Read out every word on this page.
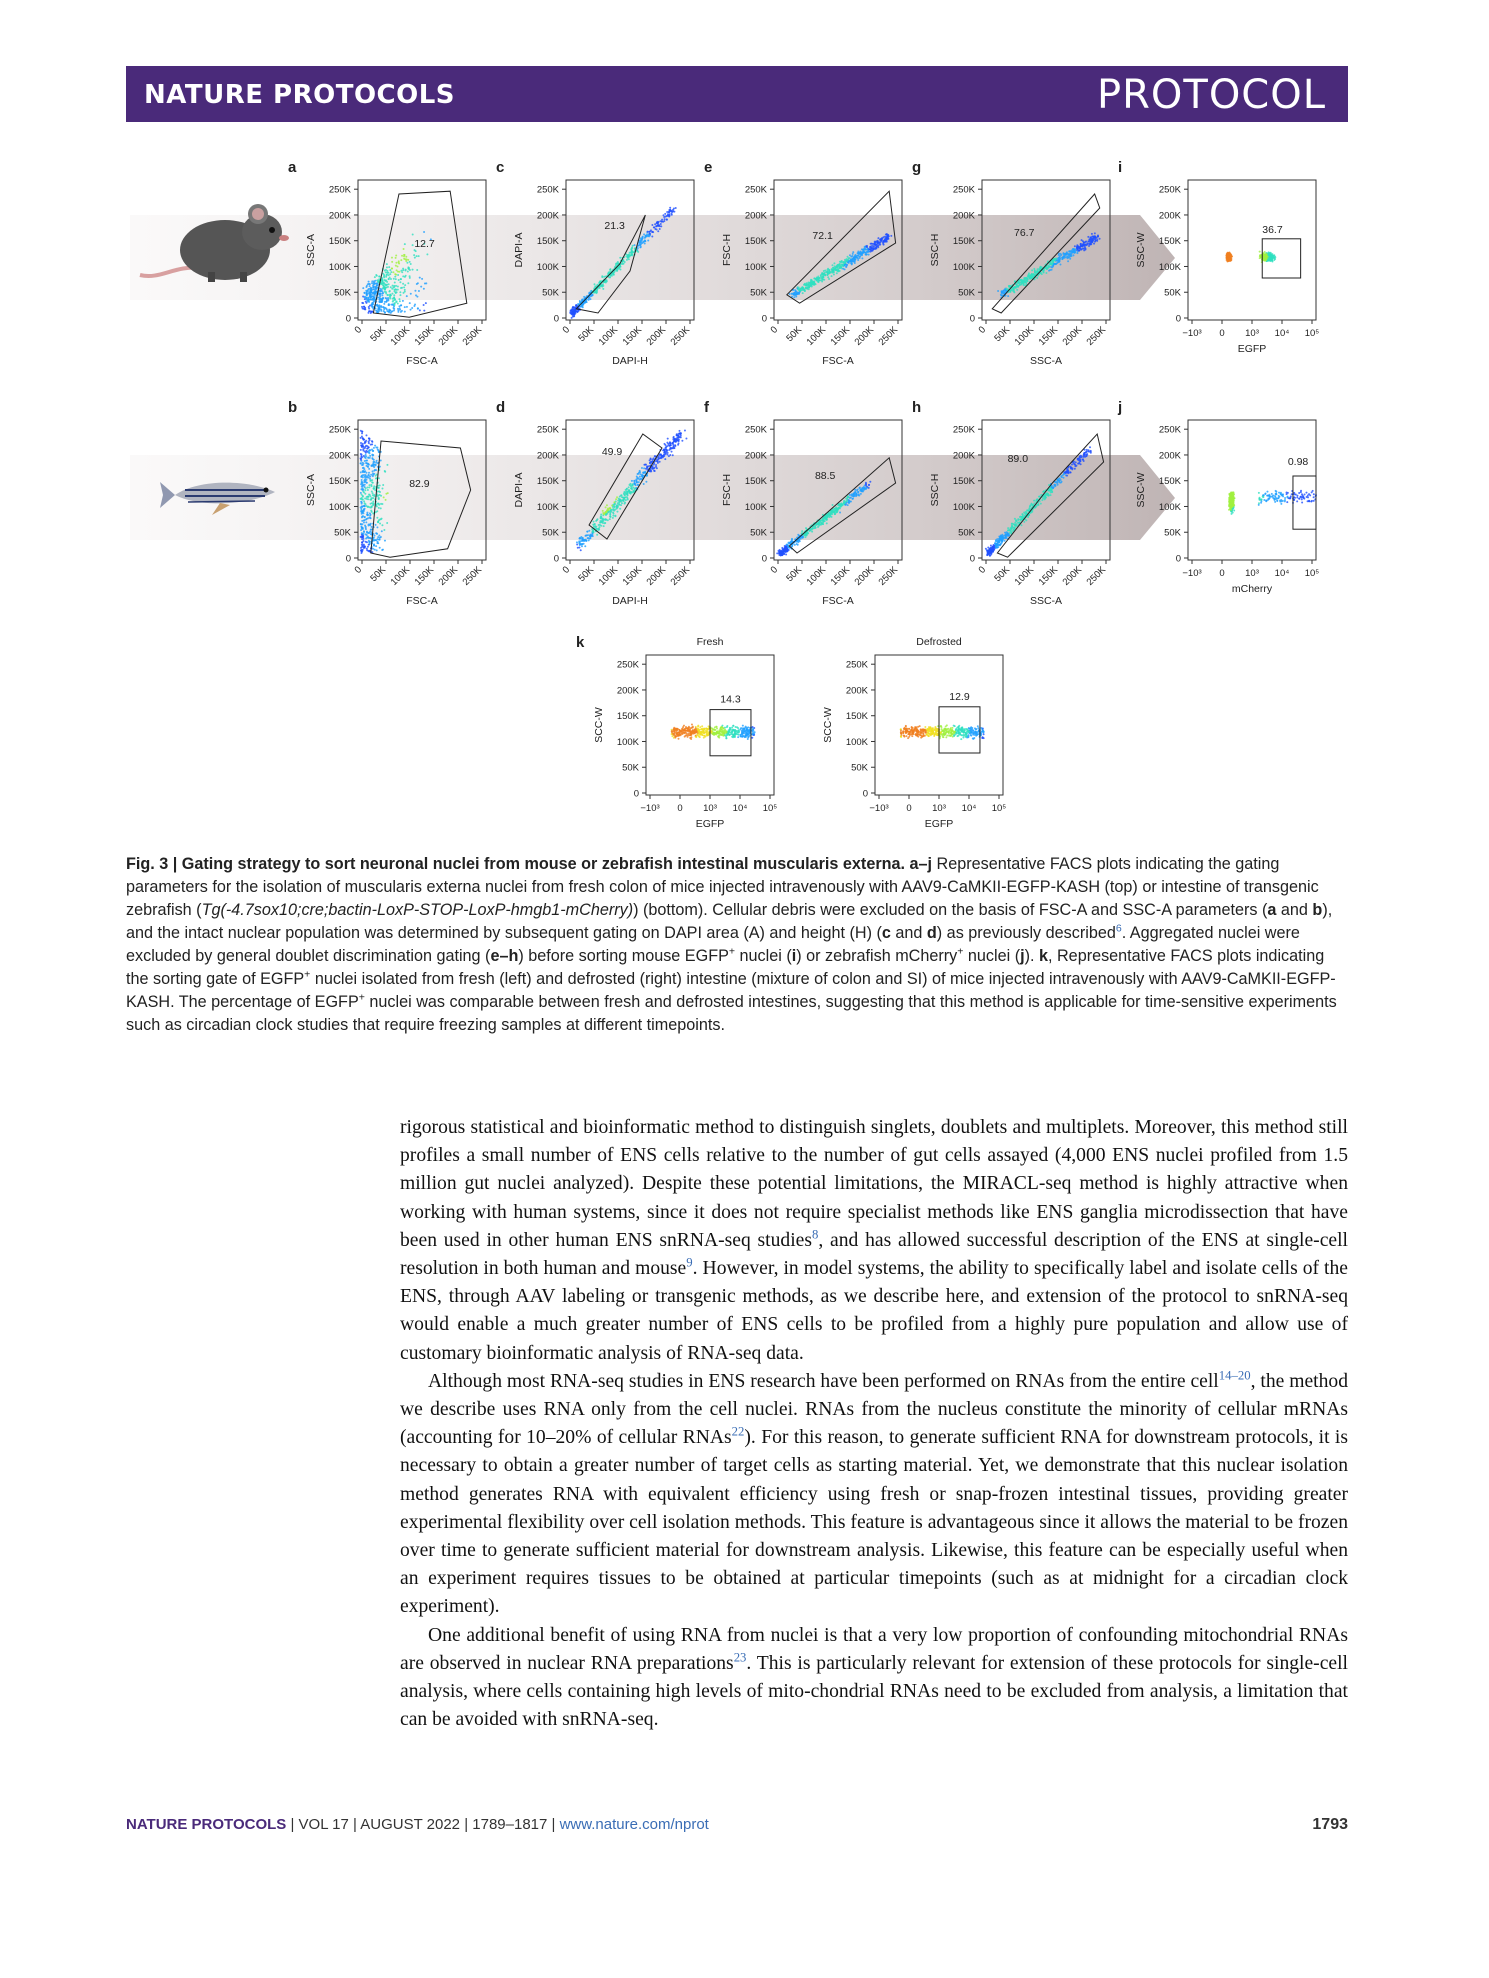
NATURE PROTOCOLS	PROTOCOL
a
12.7
0
50K
100K
150K
200K
250K
0 50K 100K 150K 200K 250K
FSC-A
SSC-A
c
21.3
0
50K
100K
150K
200K
250K
0 50K 100K 150K 200K 250K
DAPI-H
DAPI-A
e
72.1
0
50K
100K
150K
200K
250K
0 50K 100K 150K 200K 250K
FSC-A
FSC-H
g
76.7
0
50K
100K
150K
200K
250K
0 50K 100K 150K 200K 250K
SSC-A
SSC-H
i
36.7
0
50K
100K
150K
200K
250K
−10³ 0 10³ 10⁴ 10⁵
EGFP
SSC-W
b
82.9
0
50K
100K
150K
200K
250K
0 50K 100K 150K 200K 250K
FSC-A
SSC-A
d
49.9
0
50K
100K
150K
200K
250K
0 50K 100K 150K 200K 250K
DAPI-H
DAPI-A
f
88.5
0
50K
100K
150K
200K
250K
0 50K 100K 150K 200K 250K
FSC-A
FSC-H
h
89.0
0
50K
100K
150K
200K
250K
0 50K 100K 150K 200K 250K
SSC-A
SSC-H
j
0.98
0
50K
100K
150K
200K
250K
−10³ 0 10³ 10⁴ 10⁵
mCherry
SSC-W
k	Fresh
14.3
0
50K
100K
150K
200K
250K
−10³ 0 10³ 10⁴ 10⁵
EGFP
SCC-W
Defrosted
12.9
0
50K
100K
150K
200K
250K
−10³ 0 10³ 10⁴ 10⁵
EGFP
SCC-W
Fig. 3 | Gating strategy to sort neuronal nuclei from mouse or zebrafish intestinal muscularis externa. a–j Representative FACS plots indicating the gating parameters for the isolation of muscularis externa nuclei from fresh colon of mice injected intravenously with AAV9-CaMKII-EGFP-KASH (top) or intestine of transgenic zebrafish (Tg(-4.7sox10;cre;bactin-LoxP-STOP-LoxP-hmgb1-mCherry)) (bottom). Cellular debris were excluded on the basis of FSC-A and SSC-A parameters (a and b), and the intact nuclear population was determined by subsequent gating on DAPI area (A) and height (H) (c and d) as previously described$^6$. Aggregated nuclei were excluded by general doublet discrimination gating (e–h) before sorting mouse EGFP+ nuclei (i) or zebrafish mCherry+ nuclei (j). k, Representative FACS plots indicating the sorting gate of EGFP+ nuclei isolated from fresh (left) and defrosted (right) intestine (mixture of colon and SI) of mice injected intravenously with AAV9-CaMKII-EGFP-KASH. The percentage of EGFP+ nuclei was comparable between fresh and defrosted intestines, suggesting that this method is applicable for time-sensitive experiments such as circadian clock studies that require freezing samples at different timepoints.

rigorous statistical and bioinformatic method to distinguish singlets, doublets and multiplets. Moreover, this method still profiles a small number of ENS cells relative to the number of gut cells assayed (4,000 ENS nuclei profiled from 1.5 million gut nuclei analyzed). Despite these potential limitations, the MIRACL-seq method is highly attractive when working with human systems, since it does not require specialist methods like ENS ganglia microdissection that have been used in other human ENS snRNA-seq studies$^8$, and has allowed successful description of the ENS at single-cell resolution in both human and mouse$^9$. However, in model systems, the ability to specifically label and isolate cells of the ENS, through AAV labeling or transgenic methods, as we describe here, and extension of the protocol to snRNA-seq would enable a much greater number of ENS cells to be profiled from a highly pure population and allow use of customary bioinformatic analysis of RNA-seq data.

Although most RNA-seq studies in ENS research have been performed on RNAs from the entire cell$^{14-20}$, the method we describe uses RNA only from the cell nuclei. RNAs from the nucleus constitute the minority of cellular mRNAs (accounting for 10–20% of cellular RNAs$^{22}$). For this reason, to generate sufficient RNA for downstream protocols, it is necessary to obtain a greater number of target cells as starting material. Yet, we demonstrate that this nuclear isolation method generates RNA with equivalent efficiency using fresh or snap-frozen intestinal tissues, providing greater experimental flexibility over cell isolation methods. This feature is advantageous since it allows the material to be frozen over time to generate sufficient material for downstream analysis. Likewise, this feature can be especially useful when an experiment requires tissues to be obtained at particular timepoints (such as at midnight for a circadian clock experiment).

One additional benefit of using RNA from nuclei is that a very low proportion of confounding mitochondrial RNAs are observed in nuclear RNA preparations$^{23}$. This is particularly relevant for extension of these protocols for single-cell analysis, where cells containing high levels of mito-chondrial RNAs need to be excluded from analysis, a limitation that can be avoided with snRNA-seq.

NATURE PROTOCOLS | VOL 17 | AUGUST 2022 | 1789–1817 | www.nature.com/nprot	1793
